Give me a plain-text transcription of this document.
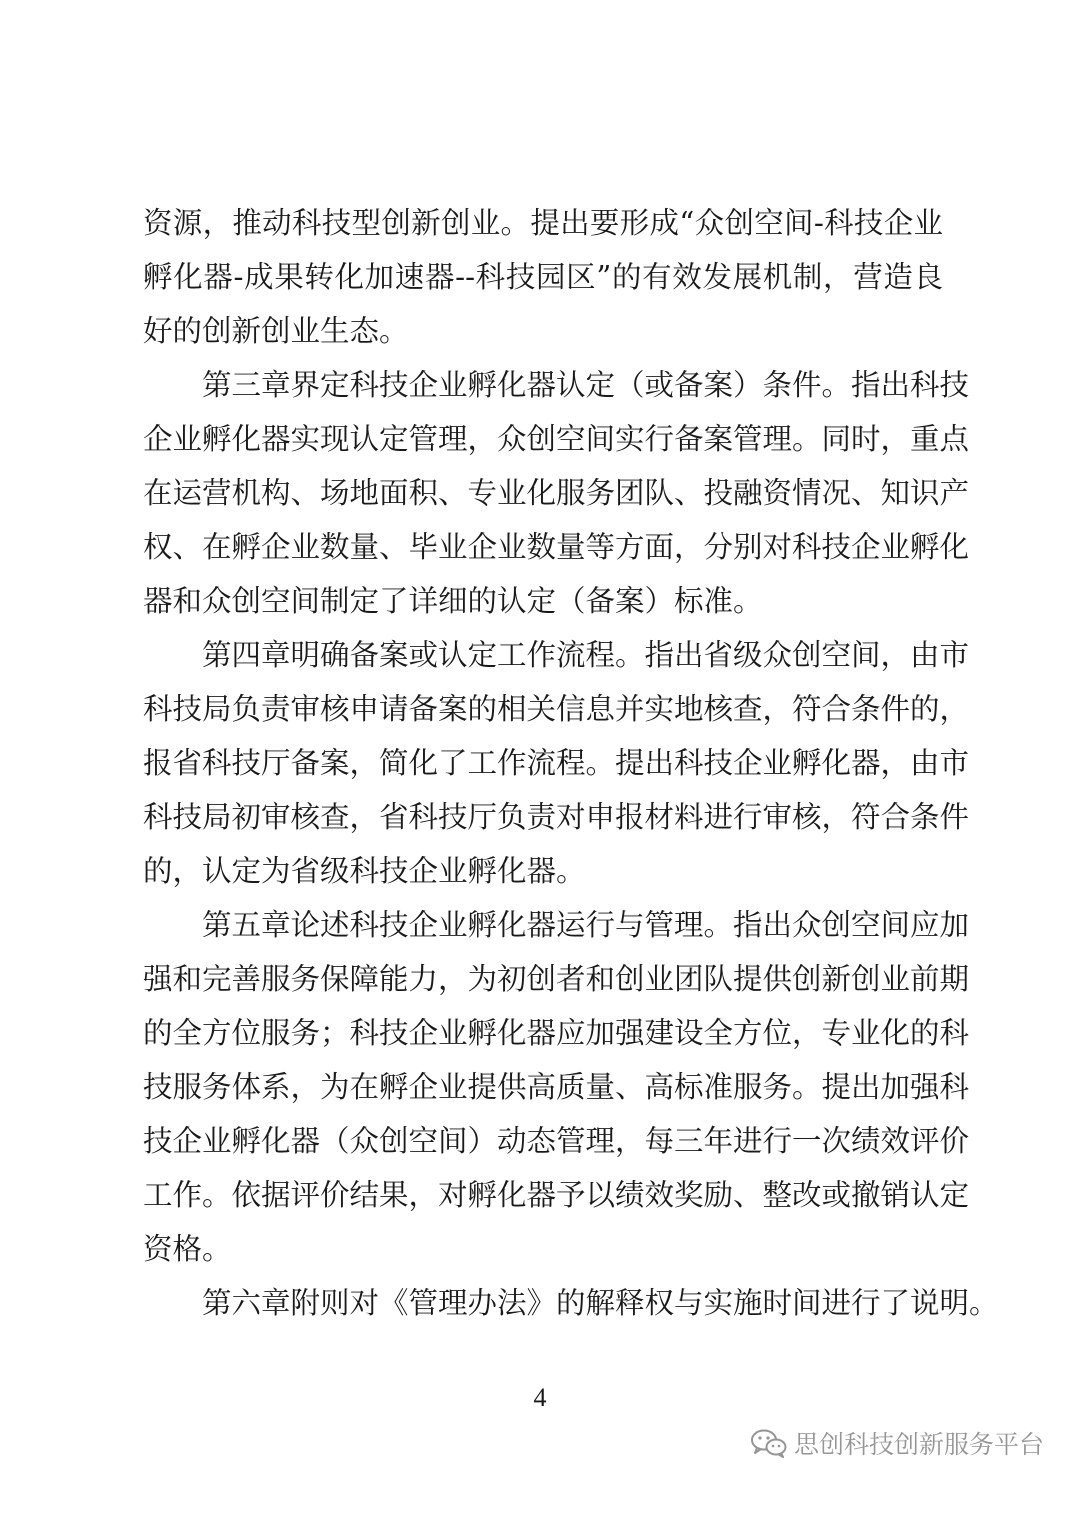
资源，推动科技型创新创业。提出要形成“众创空间-科技企业
孵化器-成果转化加速器--科技园区”的有效发展机制，营造良
好的创新创业生态。
　　第三章界定科技企业孵化器认定（或备案）条件。指出科技
企业孵化器实现认定管理，众创空间实行备案管理。同时，重点
在运营机构、场地面积、专业化服务团队、投融资情况、知识产
权、在孵企业数量、毕业企业数量等方面，分别对科技企业孵化
器和众创空间制定了详细的认定（备案）标准。
　　第四章明确备案或认定工作流程。指出省级众创空间，由市
科技局负责审核申请备案的相关信息并实地核查，符合条件的，
报省科技厅备案，简化了工作流程。提出科技企业孵化器，由市
科技局初审核查，省科技厅负责对申报材料进行审核，符合条件
的，认定为省级科技企业孵化器。
　　第五章论述科技企业孵化器运行与管理。指出众创空间应加
强和完善服务保障能力，为初创者和创业团队提供创新创业前期
的全方位服务；科技企业孵化器应加强建设全方位，专业化的科
技服务体系，为在孵企业提供高质量、高标准服务。提出加强科
技企业孵化器（众创空间）动态管理，每三年进行一次绩效评价
工作。依据评价结果，对孵化器予以绩效奖励、整改或撤销认定
资格。
　　第六章附则对《管理办法》的解释权与实施时间进行了说明。
4
思创科技创新服务平台
